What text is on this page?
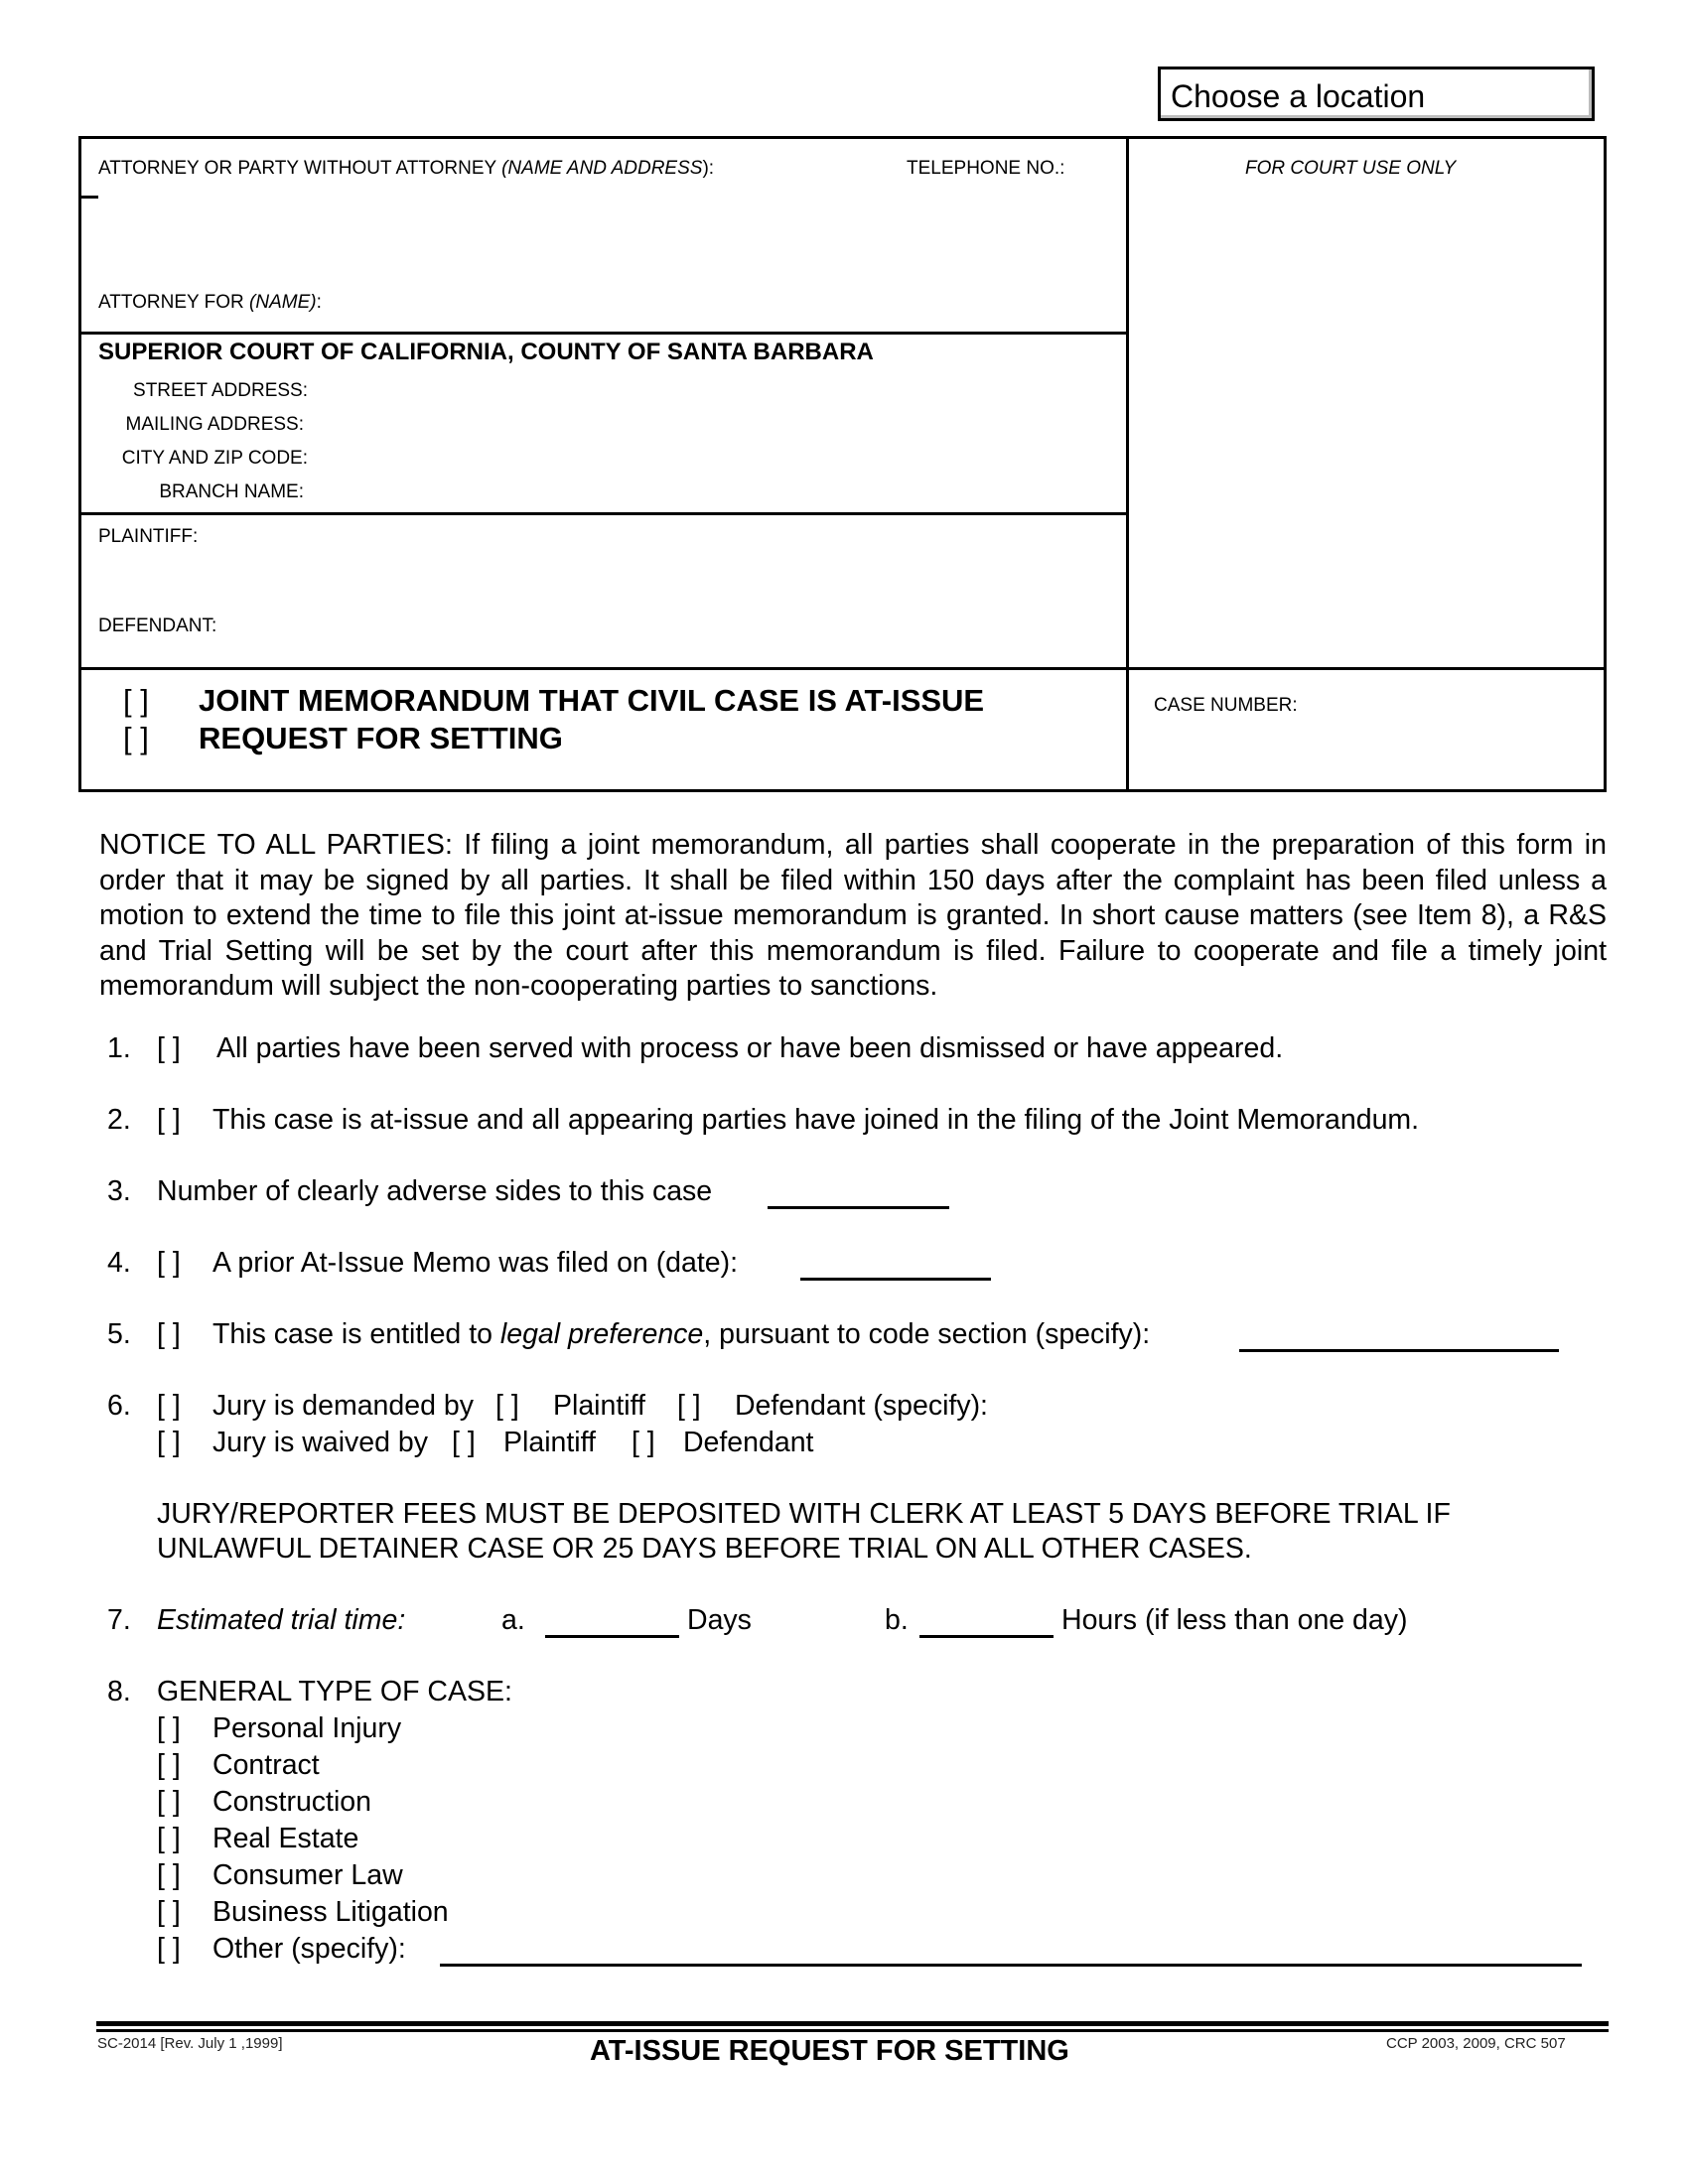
Choose a location
ATTORNEY OR PARTY WITHOUT ATTORNEY (NAME AND ADDRESS):	TELEPHONE NO.:
ATTORNEY FOR (NAME):
FOR COURT USE ONLY
SUPERIOR COURT OF CALIFORNIA, COUNTY OF SANTA BARBARA
STREET ADDRESS:
MAILING ADDRESS:
CITY AND ZIP CODE:
BRANCH NAME:
PLAINTIFF:
DEFENDANT:
[ ] JOINT MEMORANDUM THAT CIVIL CASE IS AT-ISSUE
[ ] REQUEST FOR SETTING
CASE NUMBER:
NOTICE TO ALL PARTIES: If filing a joint memorandum, all parties shall cooperate in the preparation of this form in order that it may be signed by all parties. It shall be filed within 150 days after the complaint has been filed unless a motion to extend the time to file this joint at-issue memorandum is granted. In short cause matters (see Item 8), a R&S and Trial Setting will be set by the court after this memorandum is filed. Failure to cooperate and file a timely joint memorandum will subject the non-cooperating parties to sanctions.
1. [ ] All parties have been served with process or have been dismissed or have appeared.
2. [ ] This case is at-issue and all appearing parties have joined in the filing of the Joint Memorandum.
3. Number of clearly adverse sides to this case
4. [ ] A prior At-Issue Memo was filed on (date):
5. [ ] This case is entitled to legal preference, pursuant to code section (specify):
6. [ ] Jury is demanded by [ ] Plaintiff [ ] Defendant (specify):
[ ] Jury is waived by [ ] Plaintiff [ ] Defendant
JURY/REPORTER FEES MUST BE DEPOSITED WITH CLERK AT LEAST 5 DAYS BEFORE TRIAL IF
UNLAWFUL DETAINER CASE OR 25 DAYS BEFORE TRIAL ON ALL OTHER CASES.
7. Estimated trial time:	a.	Days	b.	Hours (if less than one day)
8. GENERAL TYPE OF CASE:
[ ] Personal Injury
[ ] Contract
[ ] Construction
[ ] Real Estate
[ ] Consumer Law
[ ] Business Litigation
[ ] Other (specify):
SC-2014 [Rev. July 1 ,1999]	AT-ISSUE REQUEST FOR SETTING	CCP 2003, 2009, CRC 507
